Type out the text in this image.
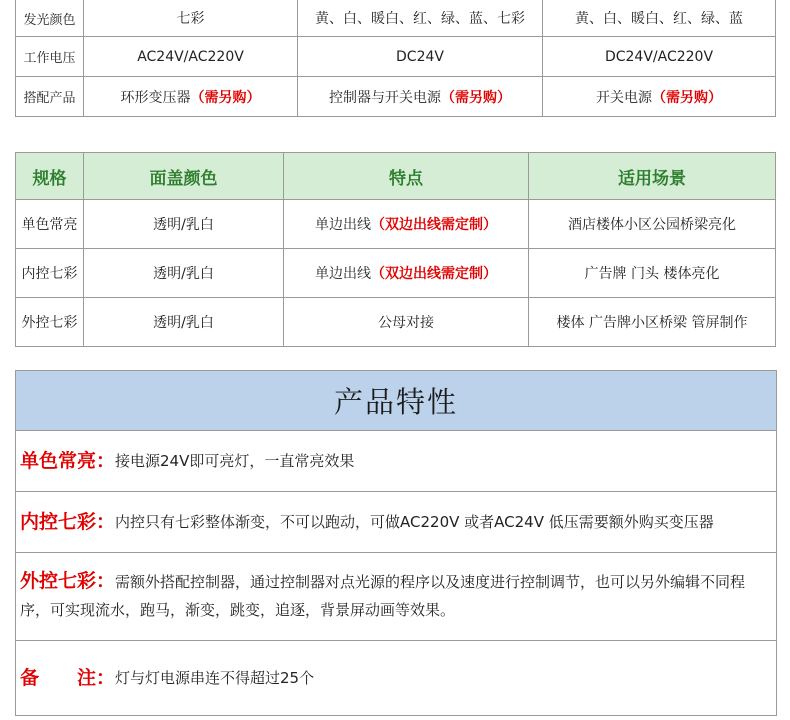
发光颜色	七彩	黄、白、暖白、红、绿、蓝、七彩	黄、白、暖白、红、绿、蓝
工作电压	AC24V/AC220V	DC24V	DC24V/AC220V
搭配产品	环形变压器（需另购）	控制器与开关电源（需另购）	开关电源（需另购）
规格	面盖颜色	特点	适用场景
单色常亮	透明/乳白	单边出线（双边出线需定制）	酒店楼体小区公园桥梁亮化
内控七彩	透明/乳白	单边出线（双边出线需定制）	广告牌 门头 楼体亮化
外控七彩	透明/乳白	公母对接	楼体 广告牌小区桥梁 管屏制作
产品特性
单色常亮： 接电源24V即可亮灯，一直常亮效果
内控七彩： 内控只有七彩整体渐变，不可以跑动，可做AC220V 或者AC24V 低压需要额外购买变压器
外控七彩：需额外搭配控制器，通过控制器对点光源的程序以及速度进行控制调节，也可以另外编辑不同程序，可实现流水，跑马，渐变，跳变，追逐，背景屏动画等效果。
备　　注： 灯与灯电源串连不得超过25个
